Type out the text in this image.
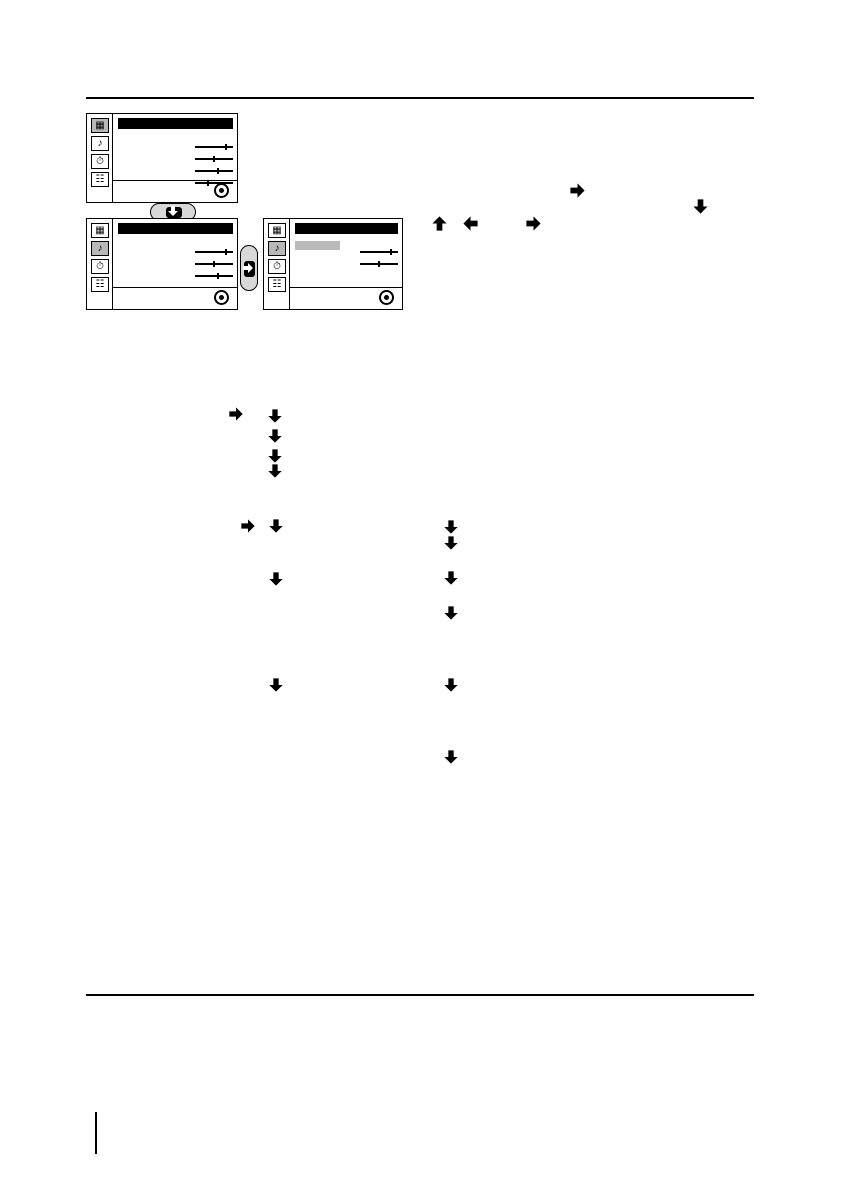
▦
♪
⏱
☷
▦
♪
⏱
☷
▦
♪
⏱
☷
